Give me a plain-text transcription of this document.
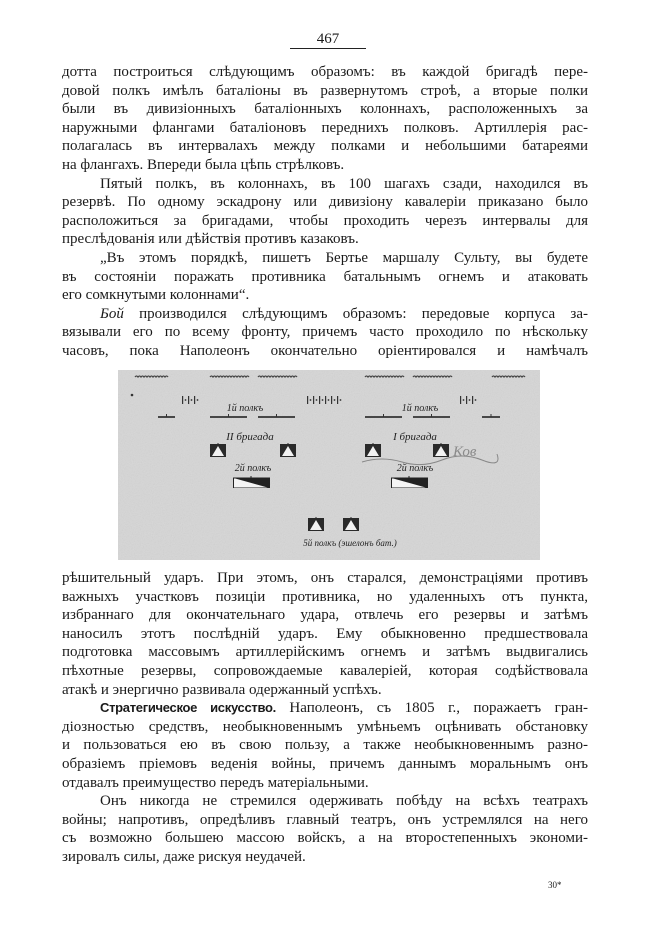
467
дотта построиться слѣдующимъ образомъ: въ каждой бригадѣ пере-
довой полкъ имѣлъ баталіоны въ развернутомъ строѣ, а вторые полки
были въ дивизіонныхъ баталіонныхъ колоннахъ, расположенныхъ за
наружными флангами баталіоновъ переднихъ полковъ. Артиллерія рас-
полагалась въ интервалахъ между полками и небольшими батареями
на флангахъ. Впереди была цѣпь стрѣлковъ.
Пятый полкъ, въ колоннахъ, въ 100 шагахъ сзади, находился въ
резервѣ. По одному эскадрону или дивизіону кавалеріи приказано было
расположиться за бригадами, чтобы проходить черезъ интервалы для
преслѣдованія или дѣйствія противъ казаковъ.
„Въ этомъ порядкѣ, пишетъ Бертье маршалу Сульту, вы будете
въ состояніи поражать противника батальнымъ огнемъ и атаковать
его сомкнутыми колоннами“.
Бой производился слѣдующимъ образомъ: передовые корпуса за-
вязывали его по всему фронту, причемъ часто проходило по нѣскольку
часовъ, пока Наполеонъ окончательно оріентировался и намѣчалъ
1й полкъ	1й полкъ
II бригада	I бригада
2й полкъ	2й полкъ
5й полкъ (эшелонъ бат.)
Ков
рѣшительный ударъ. При этомъ, онъ старался, демонстраціями противъ
важныхъ участковъ позиціи противника, но удаленныхъ отъ пункта,
избраннаго для окончательнаго удара, отвлечь его резервы и затѣмъ
наносилъ этотъ послѣдній ударъ. Ему обыкновенно предшествовала
подготовка массовымъ артиллерійскимъ огнемъ и затѣмъ выдвигались
пѣхотные резервы, сопровождаемые кавалеріей, которая содѣйствовала
атакѣ и энергично развивала одержанный успѣхъ.
Стратегическое искусство. Наполеонъ, съ 1805 г., поражаетъ гран-
діозностью средствъ, необыкновеннымъ умѣньемъ оцѣнивать обстановку
и пользоваться ею въ свою пользу, а также необыкновеннымъ разно-
образіемъ пріемовъ веденія войны, причемъ даннымъ моральнымъ онъ
отдавалъ преимущество передъ матеріальными.
Онъ никогда не стремился одерживать побѣду на всѣхъ театрахъ
войны; напротивъ, опредѣливъ главный театръ, онъ устремлялся на него
съ возможно большею массою войскъ, а на второстепенныхъ экономи-
зировалъ силы, даже рискуя неудачей.
30*
